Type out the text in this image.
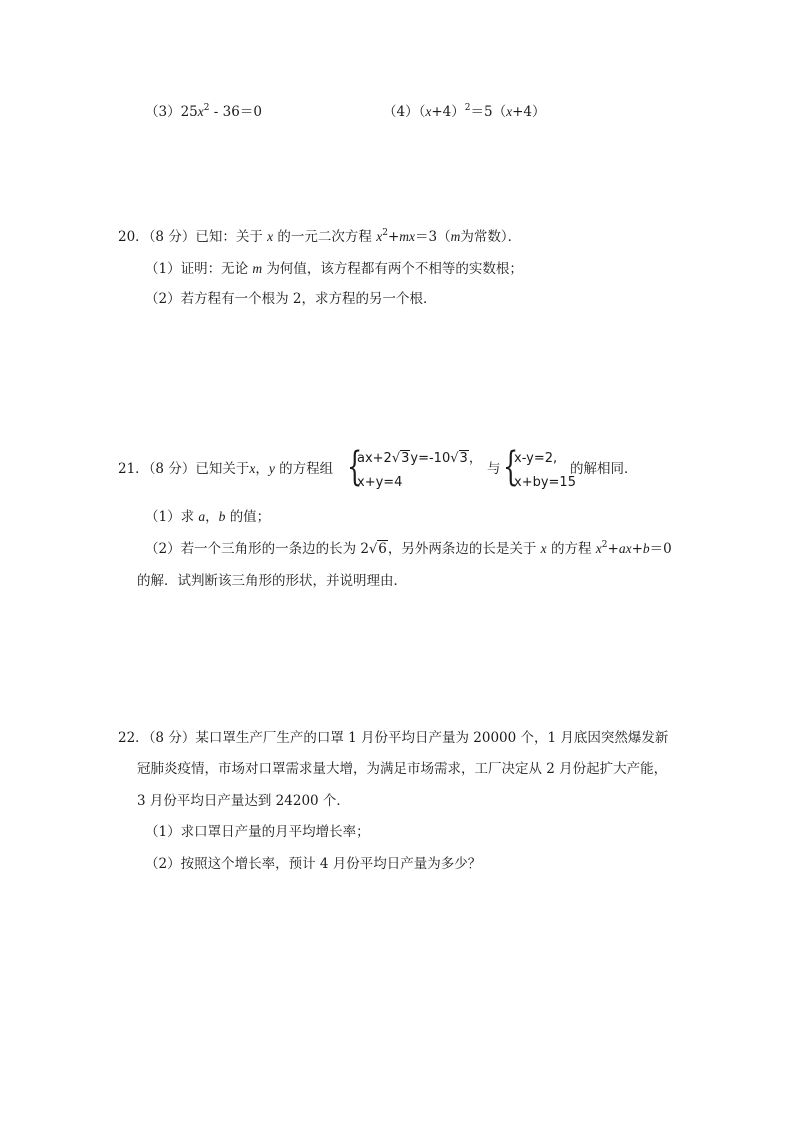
$(3)25x^2 - 36=0$	$(4)(x+4)^2=5(x+4)$
20．（8 分）已知：关于 x 的一元二次方程 $x^2+mx=3(m$为常数）．
（1）证明：无论 m 为何值，该方程都有两个不相等的实数根；
（2）若方程有一个根为 2，求方程的另一个根．
21．（8 分）已知关于x，y 的方程组 {
ax+2√3y=-10√3，
x+y=4
与 {
x-y=2,
x+by=15
的解相同．
（1）求 a，b 的值；
（2）若一个三角形的一条边的长为 2√6，另外两条边的长是关于 x 的方程 $x^2+ax+b=0$
的解．试判断该三角形的形状，并说明理由．
22．（8 分）某口罩生产厂生产的口罩 1 月份平均日产量为 20000 个，1 月底因突然爆发新
冠肺炎疫情，市场对口罩需求量大增，为满足市场需求，工厂决定从 2 月份起扩大产能，
3 月份平均日产量达到 24200 个．
（1）求口罩日产量的月平均增长率；
（2）按照这个增长率，预计 4 月份平均日产量为多少？
